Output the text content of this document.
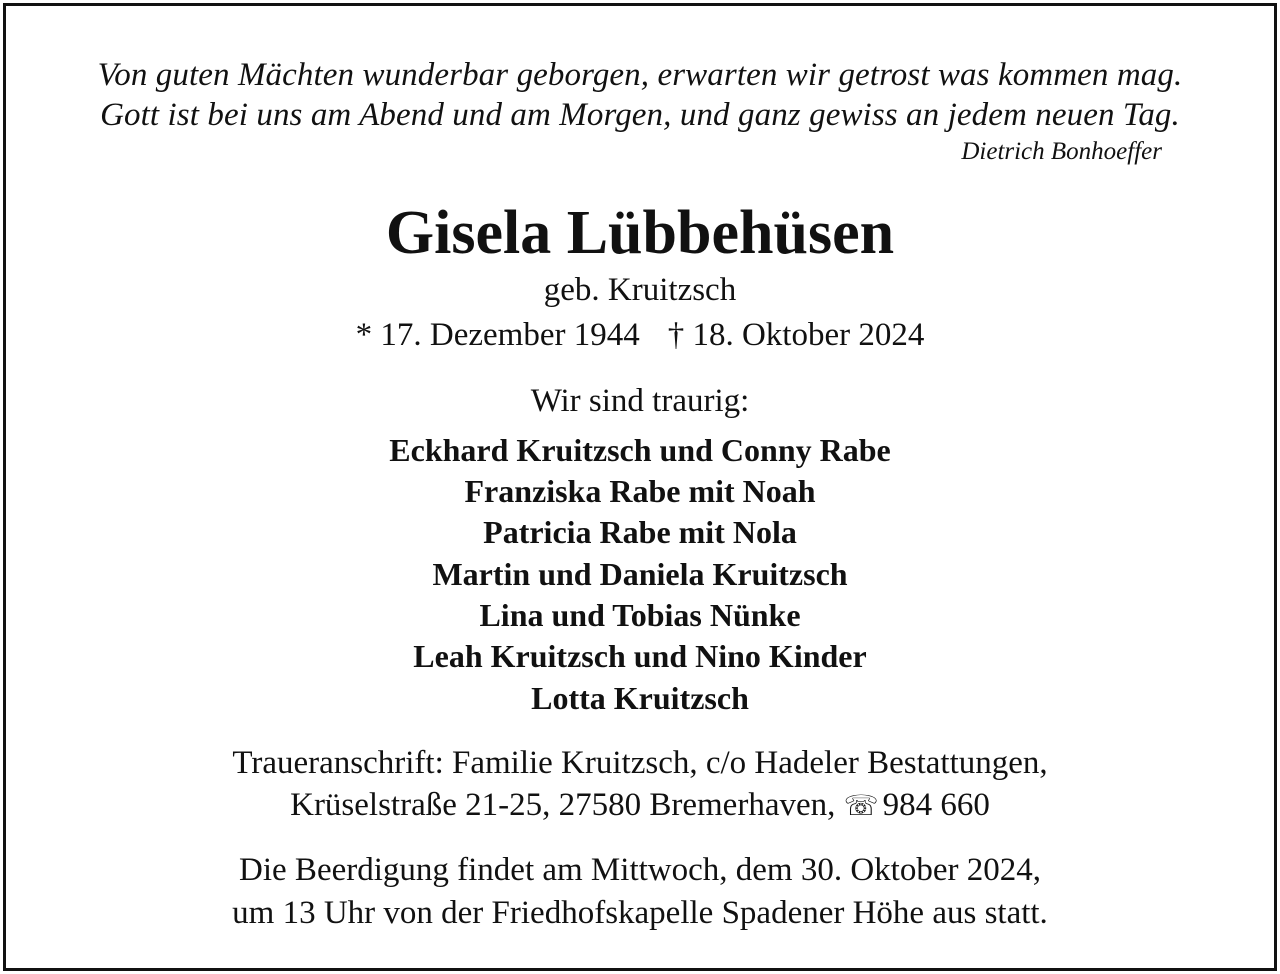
Von guten Mächten wunderbar geborgen, erwarten wir getrost was kommen mag.
Gott ist bei uns am Abend und am Morgen, und ganz gewiss an jedem neuen Tag.
Dietrich Bonhoeffer
Gisela Lübbehüsen
geb. Kruitzsch
* 17. Dezember 1944 † 18. Oktober 2024
Wir sind traurig:
Eckhard Kruitzsch und Conny Rabe
Franziska Rabe mit Noah
Patricia Rabe mit Nola
Martin und Daniela Kruitzsch
Lina und Tobias Nünke
Leah Kruitzsch und Nino Kinder
Lotta Kruitzsch
Traueranschrift: Familie Kruitzsch, c/o Hadeler Bestattungen,
Krüselstraße 21-25, 27580 Bremerhaven, ☏ 984 660
Die Beerdigung findet am Mittwoch, dem 30. Oktober 2024,
um 13 Uhr von der Friedhofskapelle Spadener Höhe aus statt.
